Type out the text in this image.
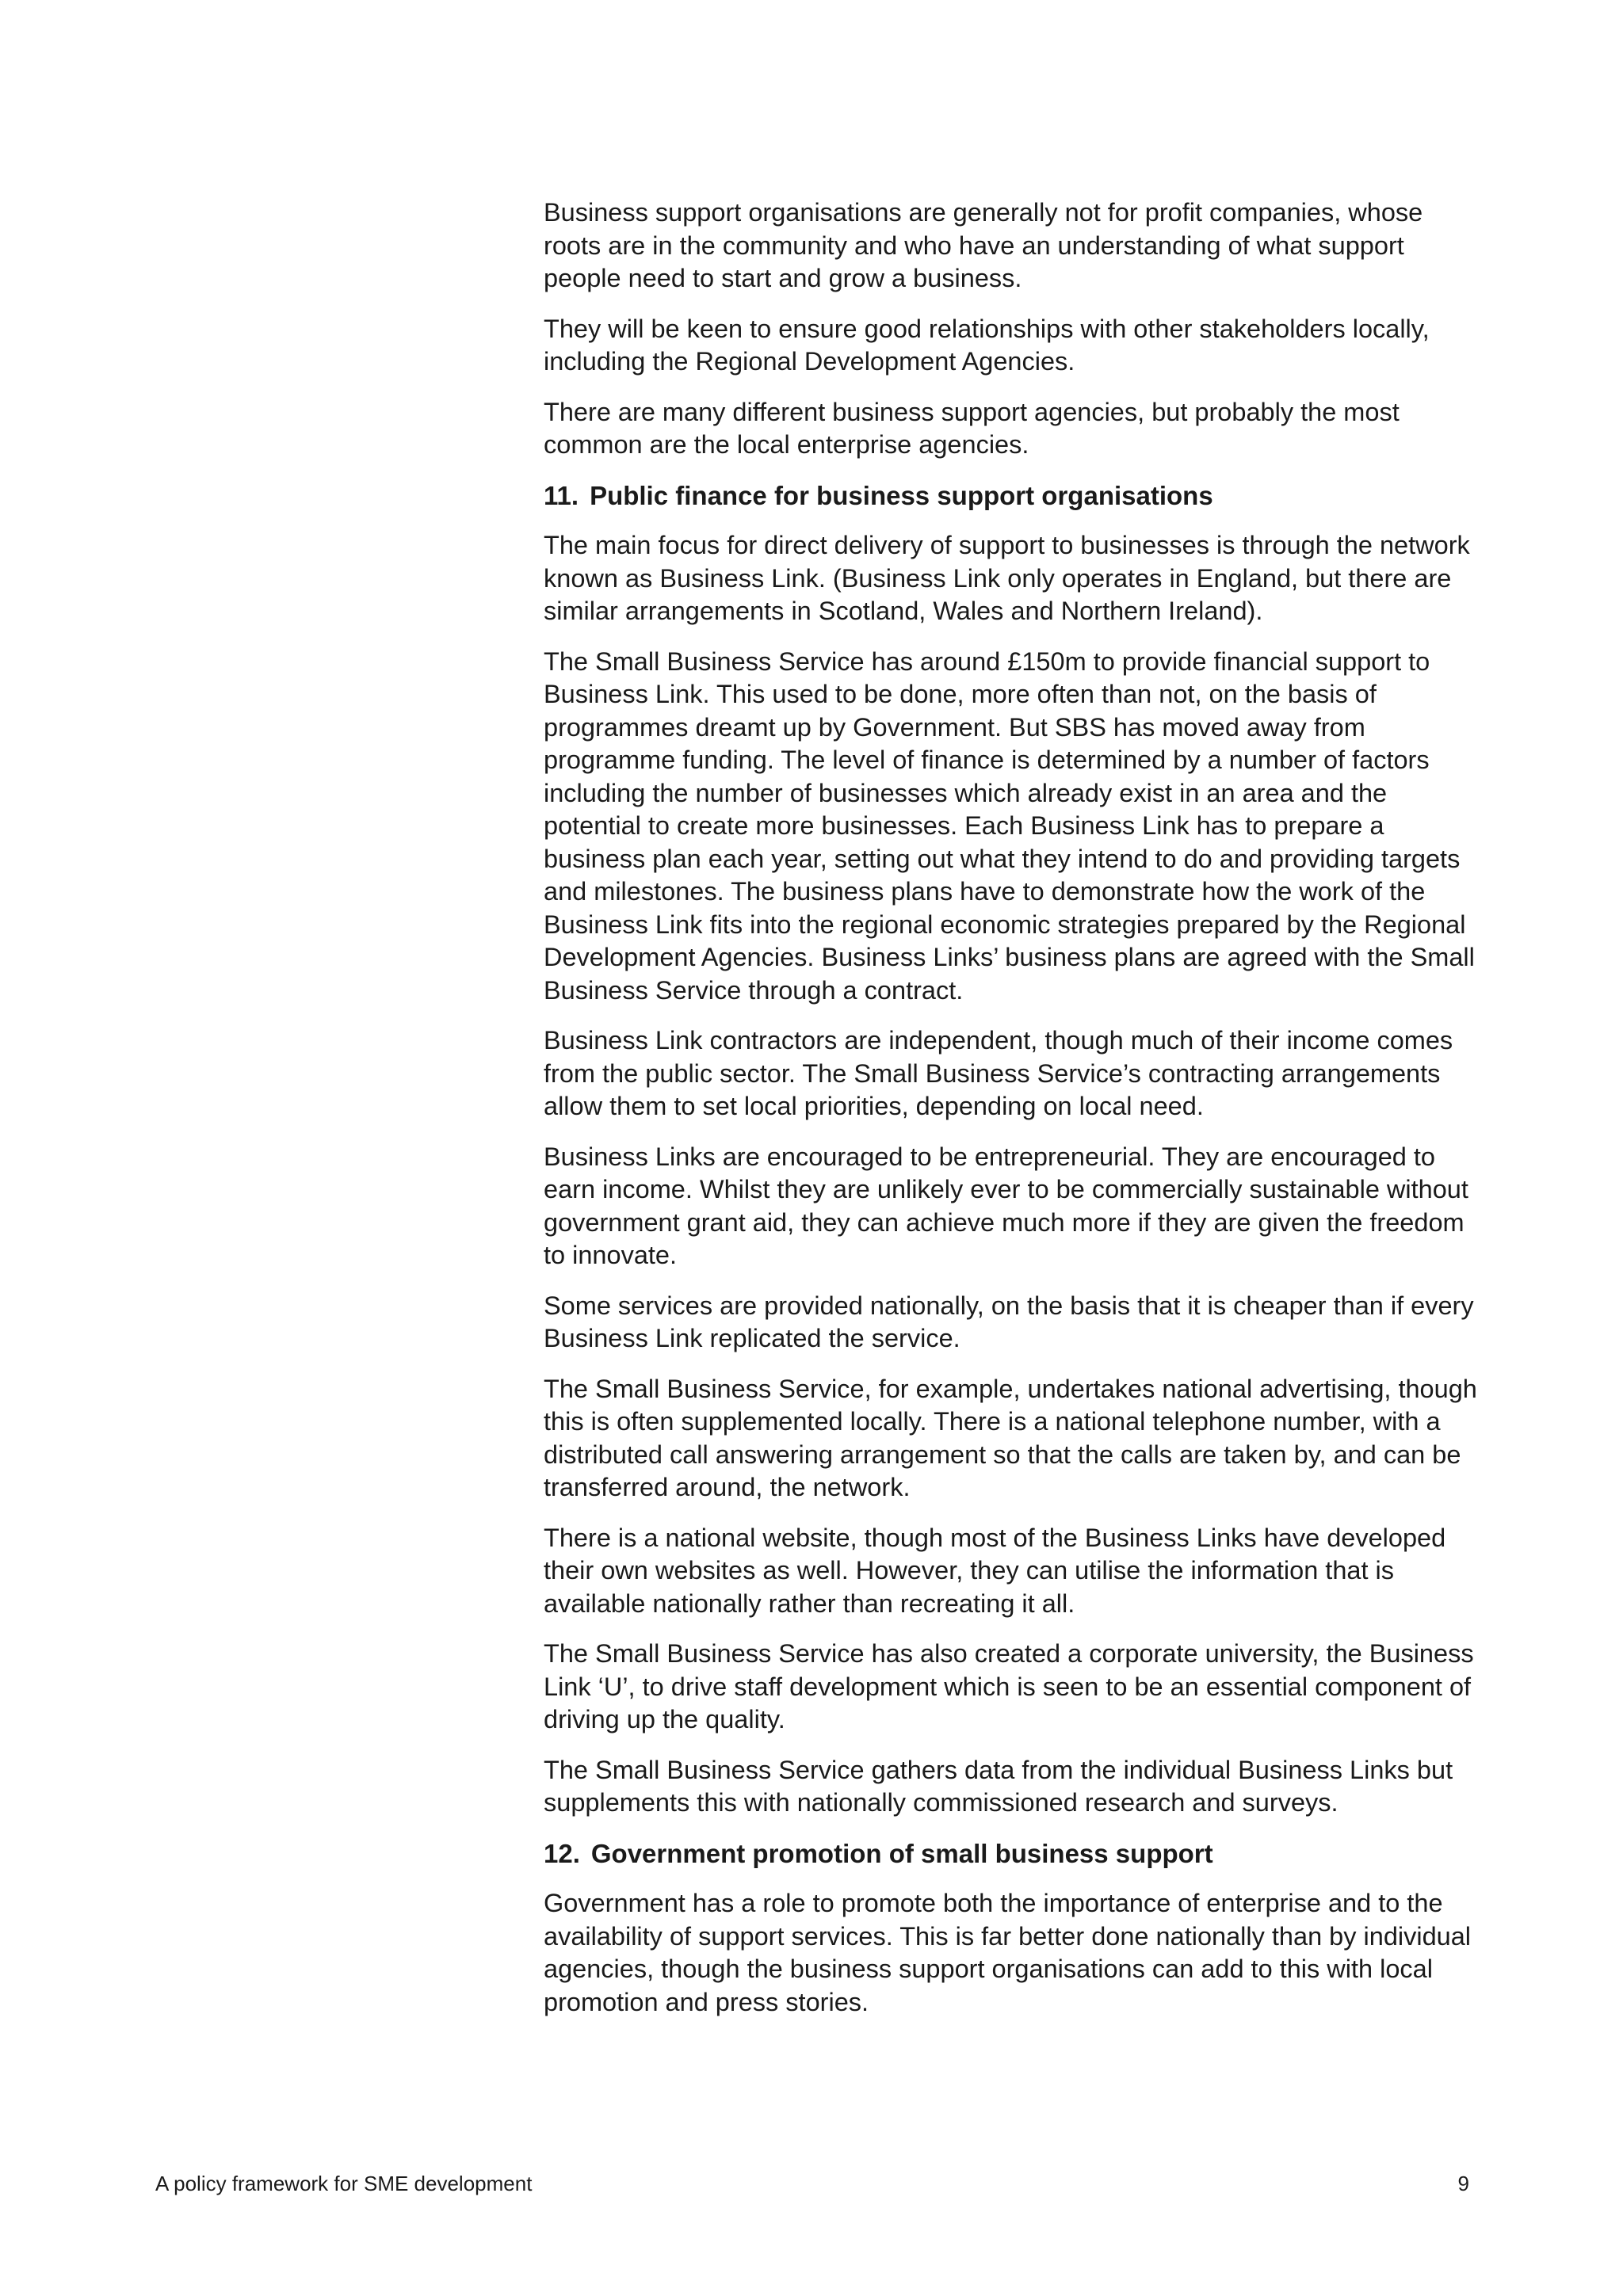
Business support organisations are generally not for profit companies, whose roots are in the community and who have an understanding of what support people need to start and grow a business.

They will be keen to ensure good relationships with other stakeholders locally, including the Regional Development Agencies.

There are many different business support agencies, but probably the most common are the local enterprise agencies.

11. Public finance for business support organisations

The main focus for direct delivery of support to businesses is through the network known as Business Link. (Business Link only operates in England, but there are similar arrangements in Scotland, Wales and Northern Ireland).

The Small Business Service has around £150m to provide financial support to Business Link. This used to be done, more often than not, on the basis of programmes dreamt up by Government. But SBS has moved away from programme funding. The level of finance is determined by a number of factors including the number of businesses which already exist in an area and the potential to create more businesses. Each Business Link has to prepare a business plan each year, setting out what they intend to do and providing targets and milestones. The business plans have to demonstrate how the work of the Business Link fits into the regional economic strategies prepared by the Regional Development Agencies. Business Links’ business plans are agreed with the Small Business Service through a contract.

Business Link contractors are independent, though much of their income comes from the public sector. The Small Business Service’s contracting arrangements allow them to set local priorities, depending on local need.

Business Links are encouraged to be entrepreneurial. They are encouraged to earn income. Whilst they are unlikely ever to be commercially sustainable without government grant aid, they can achieve much more if they are given the freedom to innovate.

Some services are provided nationally, on the basis that it is cheaper than if every Business Link replicated the service.

The Small Business Service, for example, undertakes national advertising, though this is often supplemented locally. There is a national telephone number, with a distributed call answering arrangement so that the calls are taken by, and can be transferred around, the network.

There is a national website, though most of the Business Links have developed their own websites as well. However, they can utilise the information that is available nationally rather than recreating it all.

The Small Business Service has also created a corporate university, the Business Link ‘U’, to drive staff development which is seen to be an essential component of driving up the quality.

The Small Business Service gathers data from the individual Business Links but supplements this with nationally commissioned research and surveys.

12. Government promotion of small business support

Government has a role to promote both the importance of enterprise and to the availability of support services. This is far better done nationally than by individual agencies, though the business support organisations can add to this with local promotion and press stories.

A policy framework for SME development	9
